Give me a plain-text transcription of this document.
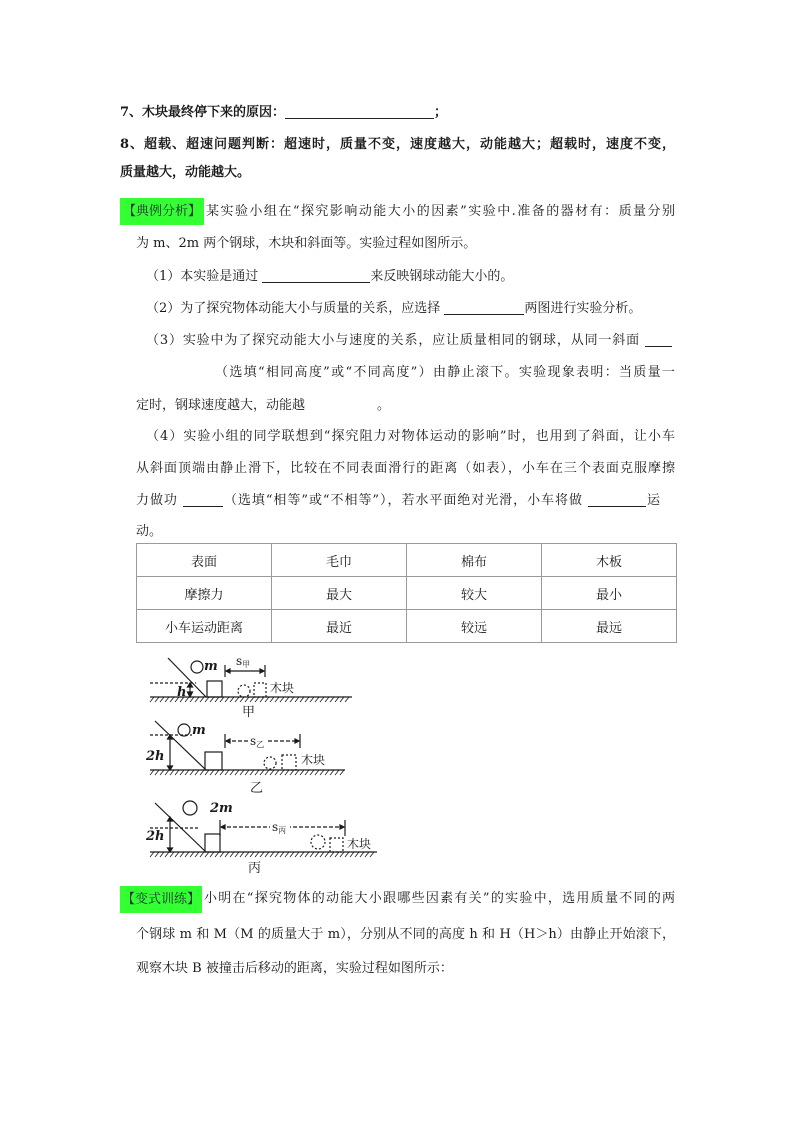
7、木块最终停下来的原因：	；
8、超载、超速问题判断：超速时，质量不变，速度越大，动能越大；超载时，速度不变，
质量越大，动能越大。
【典例分析】 某实验小组在“探究影响动能大小的因素”实验中.准备的器材有：质量分别
为 m、2m 两个钢球，木块和斜面等。实验过程如图所示。
（1）本实验是通过	来反映钢球动能大小的。
（2）为了探究物体动能大小与质量的关系，应选择	两图进行实验分析。
（3）实验中为了探究动能大小与速度的关系，应让质量相同的钢球，从同一斜面
（选填“相同高度”或“不同高度”）由静止滚下。实验现象表明：当质量一
定时，钢球速度越大，动能越	。
（4）实验小组的同学联想到“探究阻力对物体运动的影响”时，也用到了斜面，让小车
从斜面顶端由静止滑下，比较在不同表面滑行的距离（如表），小车在三个表面克服摩擦
力做功	（选填“相等”或“不相等”），若水平面绝对光滑，小车将做	运
动。
表面	毛巾	棉布	木板
摩擦力	最大	较大	最小
小车运动距离	最近	较远	最远
m
h
s甲
木块
甲
m
2h
s乙
木块
乙
2m
2h
s丙
木块
丙
【变式训练】 小明在“探究物体的动能大小跟哪些因素有关”的实验中，选用质量不同的两
个钢球 m 和 M（M 的质量大于 m），分别从不同的高度 h 和 H（H＞h）由静止开始滚下，
观察木块 B 被撞击后移动的距离，实验过程如图所示：
